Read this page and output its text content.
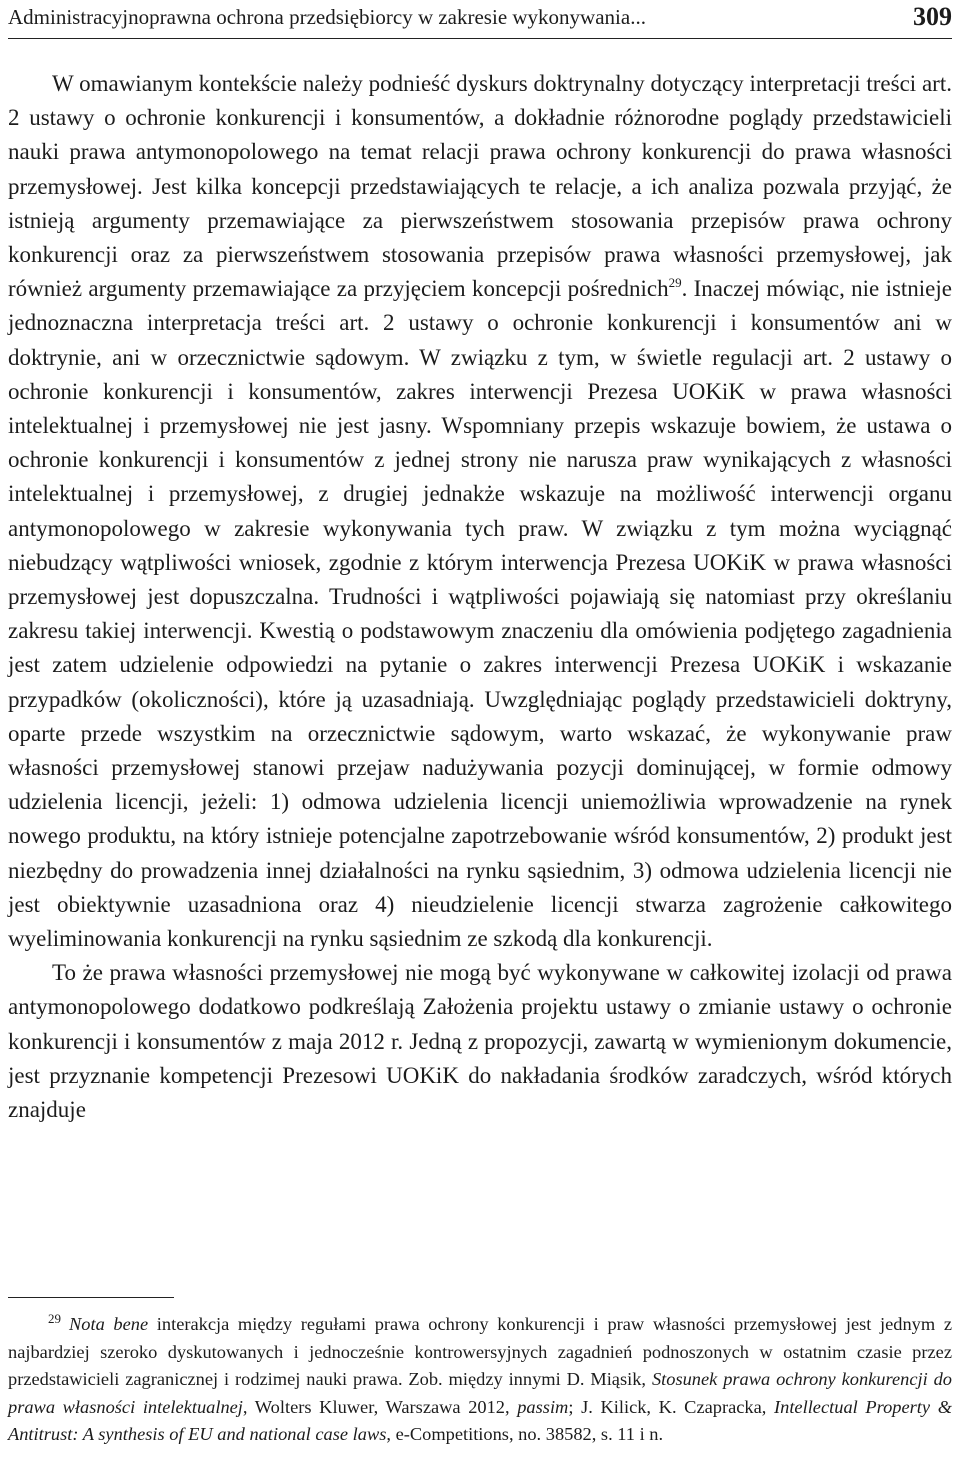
Administracyjnoprawna ochrona przedsiębiorcy w zakresie wykonywania...	309

W omawianym kontekście należy podnieść dyskurs doktrynalny dotyczący interpretacji treści art. 2 ustawy o ochronie konkurencji i konsumentów, a dokładnie różnorodne poglądy przedstawicieli nauki prawa antymonopolowego na temat relacji prawa ochrony konkurencji do prawa własności przemysłowej. Jest kilka koncepcji przedstawiających te relacje, a ich analiza pozwala przyjąć, że istnieją argumenty przemawiające za pierwszeństwem stosowania przepisów prawa ochrony konkurencji oraz za pierwszeństwem stosowania przepisów prawa własności przemysłowej, jak również argumenty przemawiające za przyjęciem koncepcji pośrednich$^{29}$. Inaczej mówiąc, nie istnieje jednoznaczna interpretacja treści art. 2 ustawy o ochronie konkurencji i konsumentów ani w doktrynie, ani w orzecznictwie sądowym. W związku z tym, w świetle regulacji art. 2 ustawy o ochronie konkurencji i konsumentów, zakres interwencji Prezesa UOKiK w prawa własności intelektualnej i przemysłowej nie jest jasny. Wspomniany przepis wskazuje bowiem, że ustawa o ochronie konkurencji i konsumentów z jednej strony nie narusza praw wynikających z własności intelektualnej i przemysłowej, z drugiej jednakże wskazuje na możliwość interwencji organu antymonopolowego w zakresie wykonywania tych praw. W związku z tym można wyciągnąć niebudzący wątpliwości wniosek, zgodnie z którym interwencja Prezesa UOKiK w prawa własności przemysłowej jest dopuszczalna. Trudności i wątpliwości pojawiają się natomiast przy określaniu zakresu takiej interwencji. Kwestią o podstawowym znaczeniu dla omówienia podjętego zagadnienia jest zatem udzielenie odpowiedzi na pytanie o zakres interwencji Prezesa UOKiK i wskazanie przypadków (okoliczności), które ją uzasadniają. Uwzględniając poglądy przedstawicieli doktryny, oparte przede wszystkim na orzecznictwie sądowym, warto wskazać, że wykonywanie praw własności przemysłowej stanowi przejaw nadużywania pozycji dominującej, w formie odmowy udzielenia licencji, jeżeli: 1) odmowa udzielenia licencji uniemożliwia wprowadzenie na rynek nowego produktu, na który istnieje potencjalne zapotrzebowanie wśród konsumentów, 2) produkt jest niezbędny do prowadzenia innej działalności na rynku sąsiednim, 3) odmowa udzielenia licencji nie jest obiektywnie uzasadniona oraz 4) nieudzielenie licencji stwarza zagrożenie całkowitego wyeliminowania konkurencji na rynku sąsiednim ze szkodą dla konkurencji.

To że prawa własności przemysłowej nie mogą być wykonywane w całkowitej izolacji od prawa antymonopolowego dodatkowo podkreślają Założenia projektu ustawy o zmianie ustawy o ochronie konkurencji i konsumentów z maja 2012 r. Jedną z propozycji, zawartą w wymienionym dokumencie, jest przyznanie kompetencji Prezesowi UOKiK do nakładania środków zaradczych, wśród których znajduje

$^{29}$ Nota bene interakcja między regułami prawa ochrony konkurencji i praw własności przemysłowej jest jednym z najbardziej szeroko dyskutowanych i jednocześnie kontrowersyjnych zagadnień podnoszonych w ostatnim czasie przez przedstawicieli zagranicznej i rodzimej nauki prawa. Zob. między innymi D. Miąsik, Stosunek prawa ochrony konkurencji do prawa własności intelektualnej, Wolters Kluwer, Warszawa 2012, passim; J. Kilick, K. Czapracka, Intellectual Property & Antitrust: A synthesis of EU and national case laws, e-Competitions, no. 38582, s. 11 i n.
